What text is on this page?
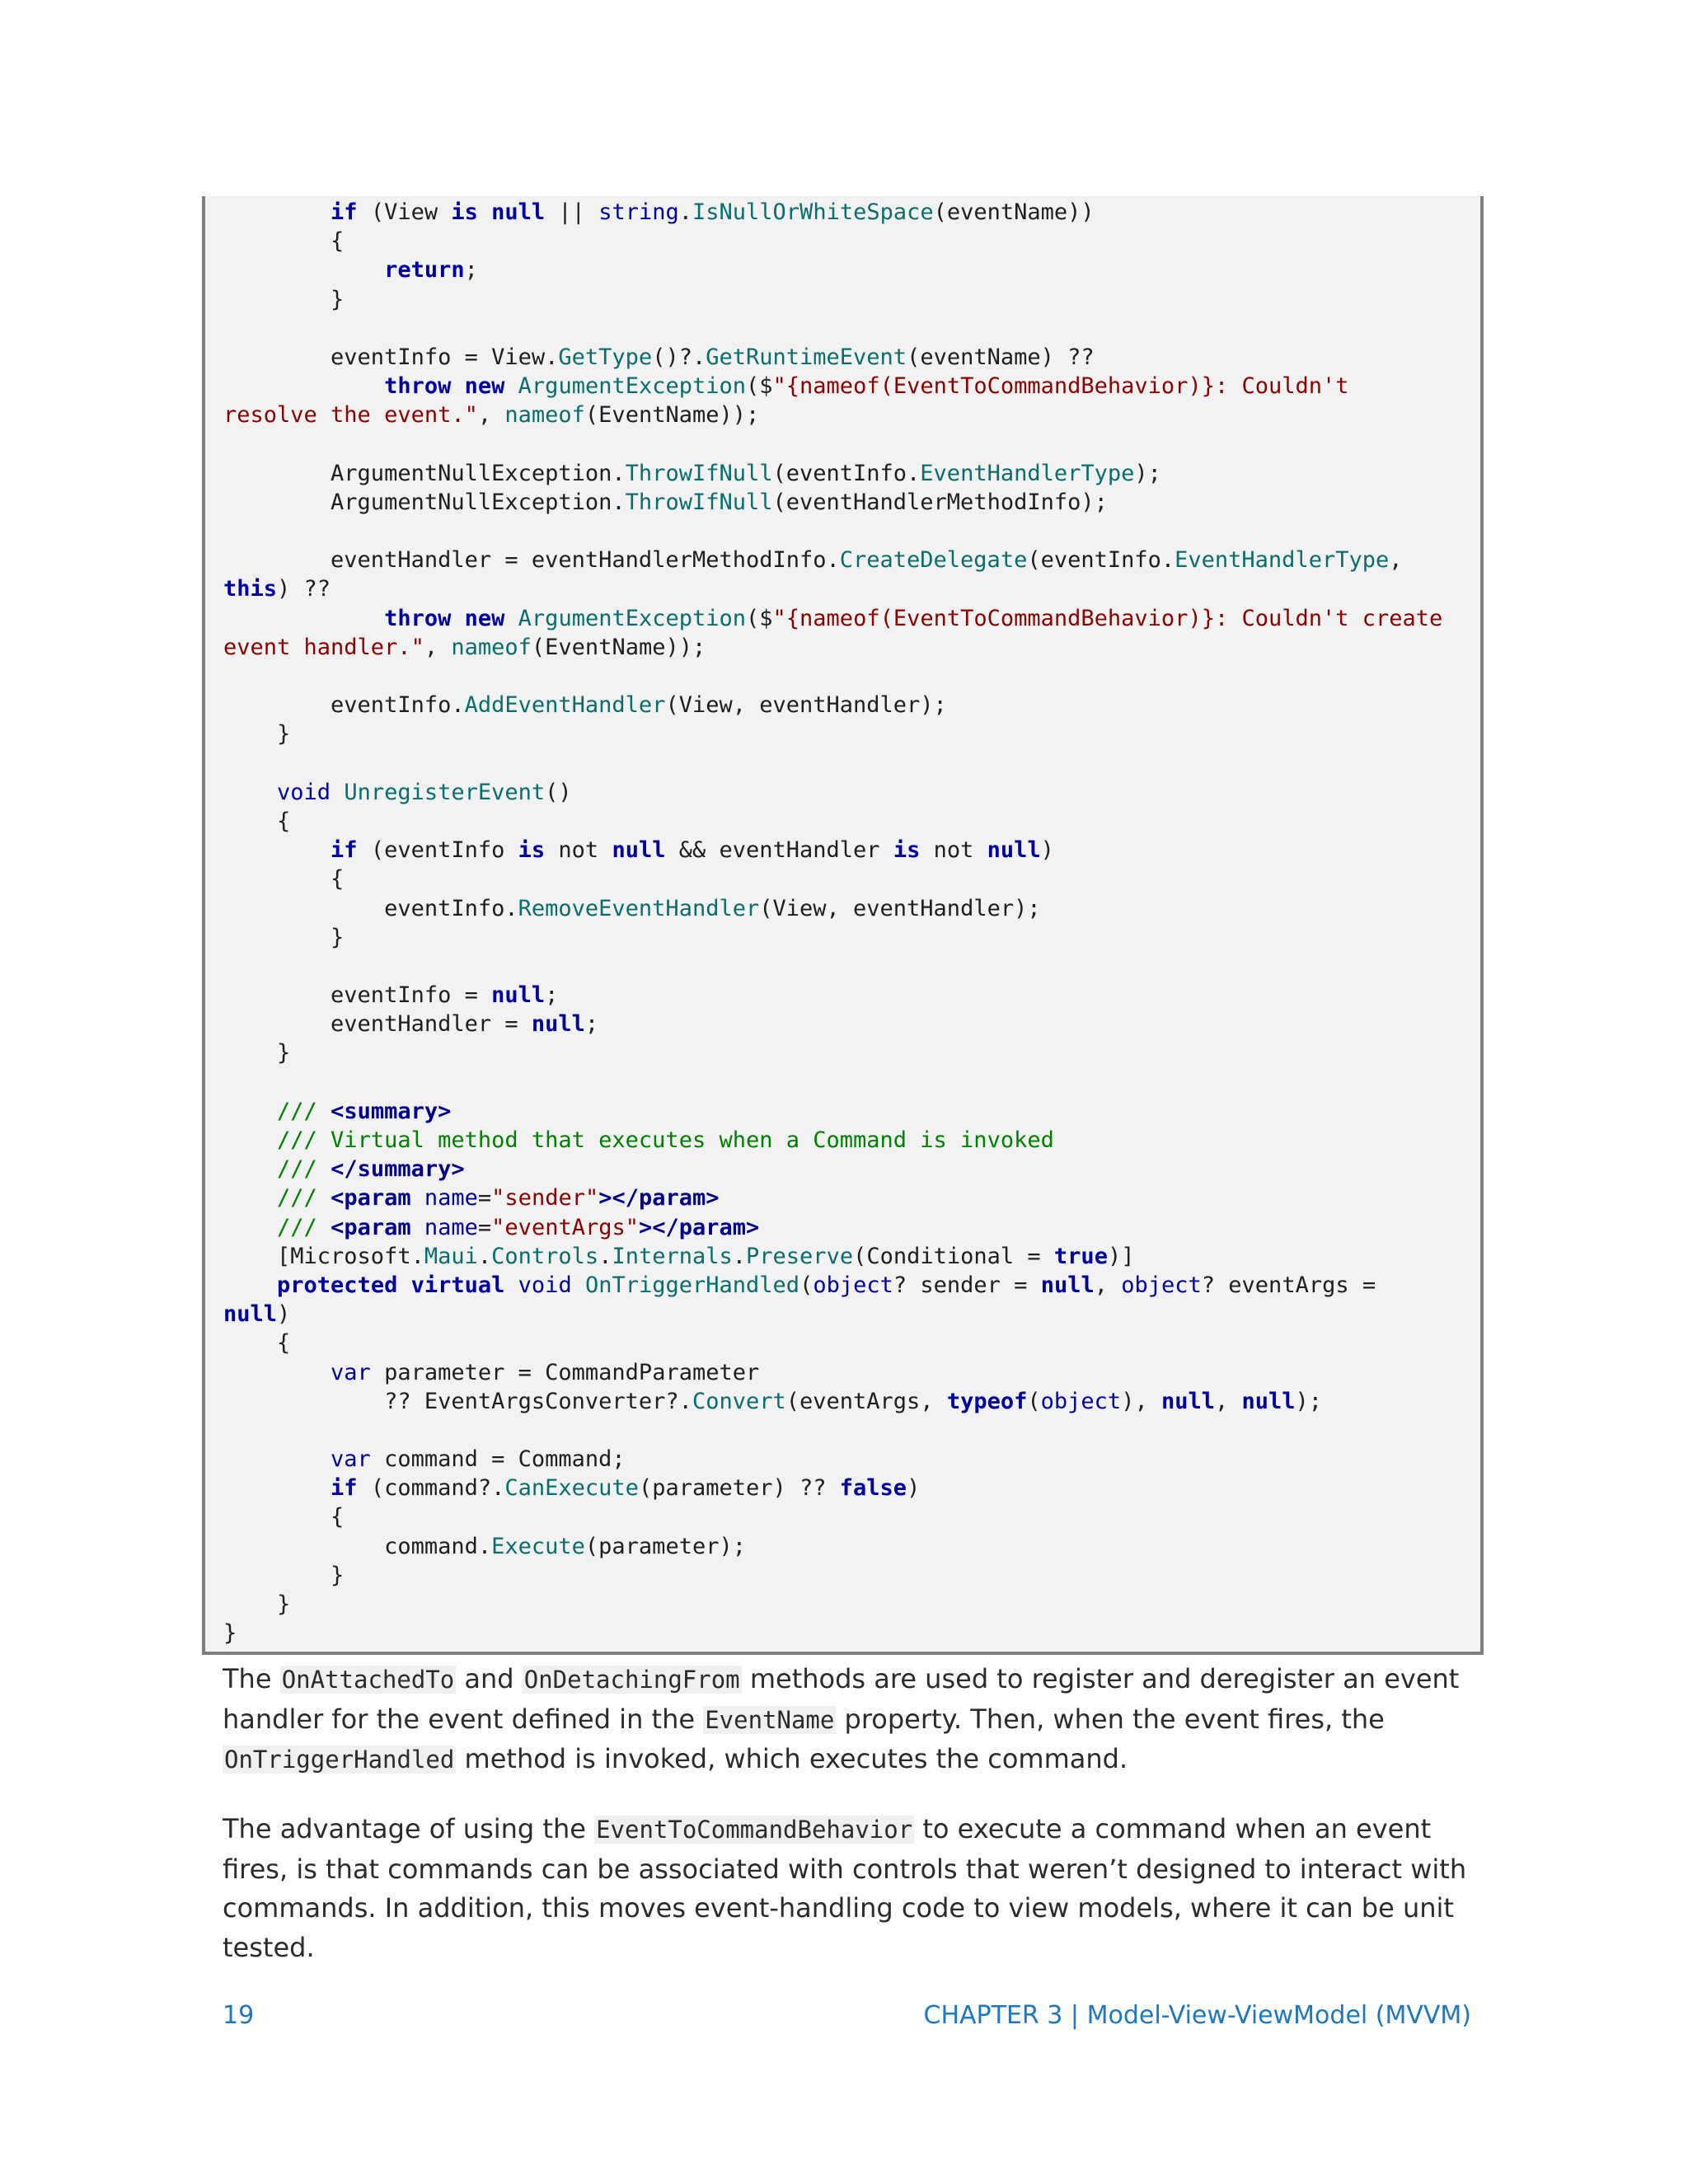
if (View is null || string.IsNullOrWhiteSpace(eventName))
{
return;
}
eventInfo = View.GetType()?.GetRuntimeEvent(eventName) ??
throw new ArgumentException($"{nameof(EventToCommandBehavior)}: Couldn't
resolve the event.", nameof(EventName));
ArgumentNullException.ThrowIfNull(eventInfo.EventHandlerType);
ArgumentNullException.ThrowIfNull(eventHandlerMethodInfo);
eventHandler = eventHandlerMethodInfo.CreateDelegate(eventInfo.EventHandlerType,
this) ??
throw new ArgumentException($"{nameof(EventToCommandBehavior)}: Couldn't create
event handler.", nameof(EventName));
eventInfo.AddEventHandler(View, eventHandler);
}
void UnregisterEvent()
{
if (eventInfo is not null && eventHandler is not null)
{
eventInfo.RemoveEventHandler(View, eventHandler);
}
eventInfo = null;
eventHandler = null;
}
/// <summary>
/// Virtual method that executes when a Command is invoked
/// </summary>
/// <param name="sender"></param>
/// <param name="eventArgs"></param>
[Microsoft.Maui.Controls.Internals.Preserve(Conditional = true)]
protected virtual void OnTriggerHandled(object? sender = null, object? eventArgs =
null)
{
var parameter = CommandParameter
?? EventArgsConverter?.Convert(eventArgs, typeof(object), null, null);
var command = Command;
if (command?.CanExecute(parameter) ?? false)
{
command.Execute(parameter);
}
}
}

The OnAttachedTo and OnDetachingFrom methods are used to register and deregister an event handler for the event defined in the EventName property. Then, when the event fires, the OnTriggerHandled method is invoked, which executes the command.

The advantage of using the EventToCommandBehavior to execute a command when an event fires, is that commands can be associated with controls that weren’t designed to interact with commands. In addition, this moves event-handling code to view models, where it can be unit tested.

19	CHAPTER 3 | Model-View-ViewModel (MVVM)
